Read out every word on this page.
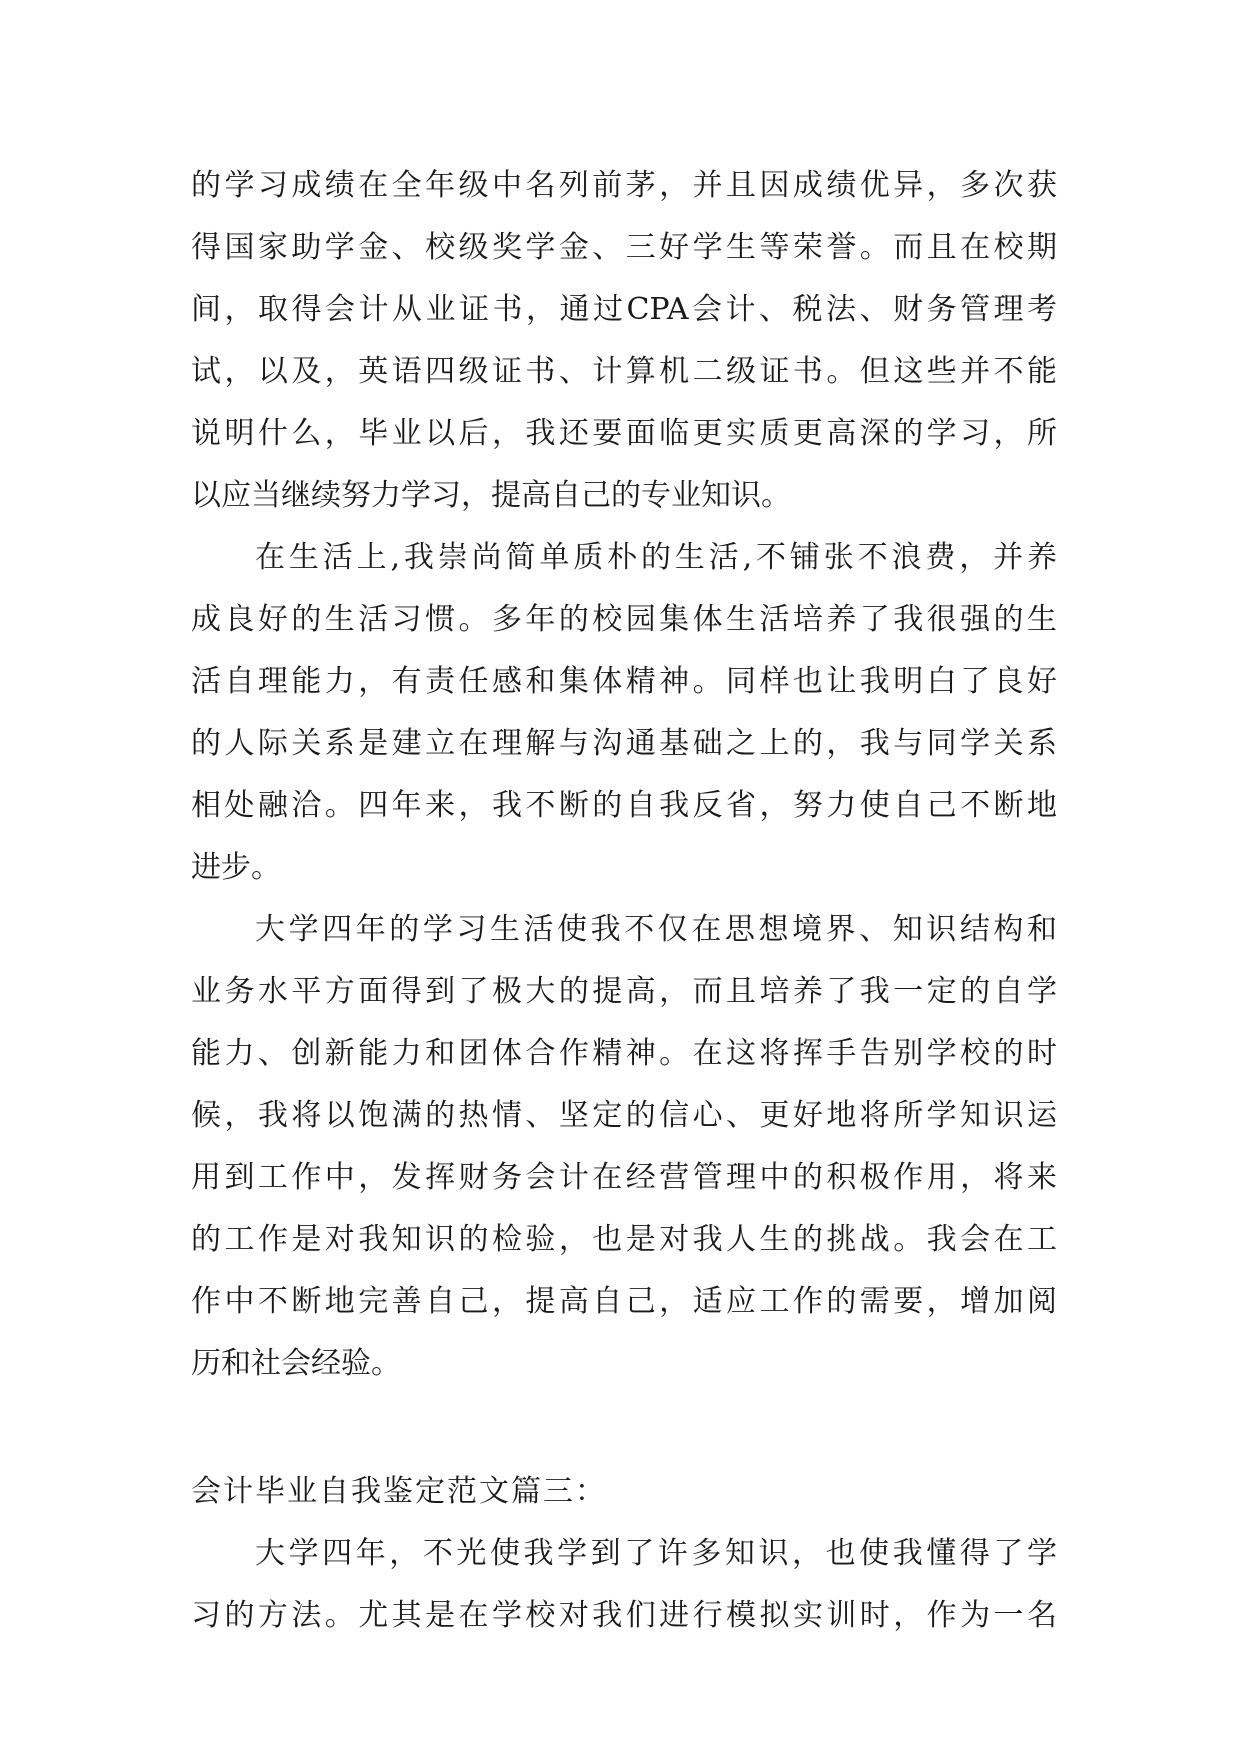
的学习成绩在全年级中名列前茅，并且因成绩优异，多次获
得国家助学金、校级奖学金、三好学生等荣誉。而且在校期
间，取得会计从业证书，通过CPA会计、税法、财务管理考
试，以及，英语四级证书、计算机二级证书。但这些并不能
说明什么，毕业以后，我还要面临更实质更高深的学习，所
以应当继续努力学习，提高自己的专业知识。
在生活上,我崇尚简单质朴的生活,不铺张不浪费，并养
成良好的生活习惯。多年的校园集体生活培养了我很强的生
活自理能力，有责任感和集体精神。同样也让我明白了良好
的人际关系是建立在理解与沟通基础之上的，我与同学关系
相处融洽。四年来，我不断的自我反省，努力使自己不断地
进步。
大学四年的学习生活使我不仅在思想境界、知识结构和
业务水平方面得到了极大的提高，而且培养了我一定的自学
能力、创新能力和团体合作精神。在这将挥手告别学校的时
候，我将以饱满的热情、坚定的信心、更好地将所学知识运
用到工作中，发挥财务会计在经营管理中的积极作用，将来
的工作是对我知识的检验，也是对我人生的挑战。我会在工
作中不断地完善自己，提高自己，适应工作的需要，增加阅
历和社会经验。
会计毕业自我鉴定范文篇三：
大学四年，不光使我学到了许多知识，也使我懂得了学
习的方法。尤其是在学校对我们进行模拟实训时，作为一名
